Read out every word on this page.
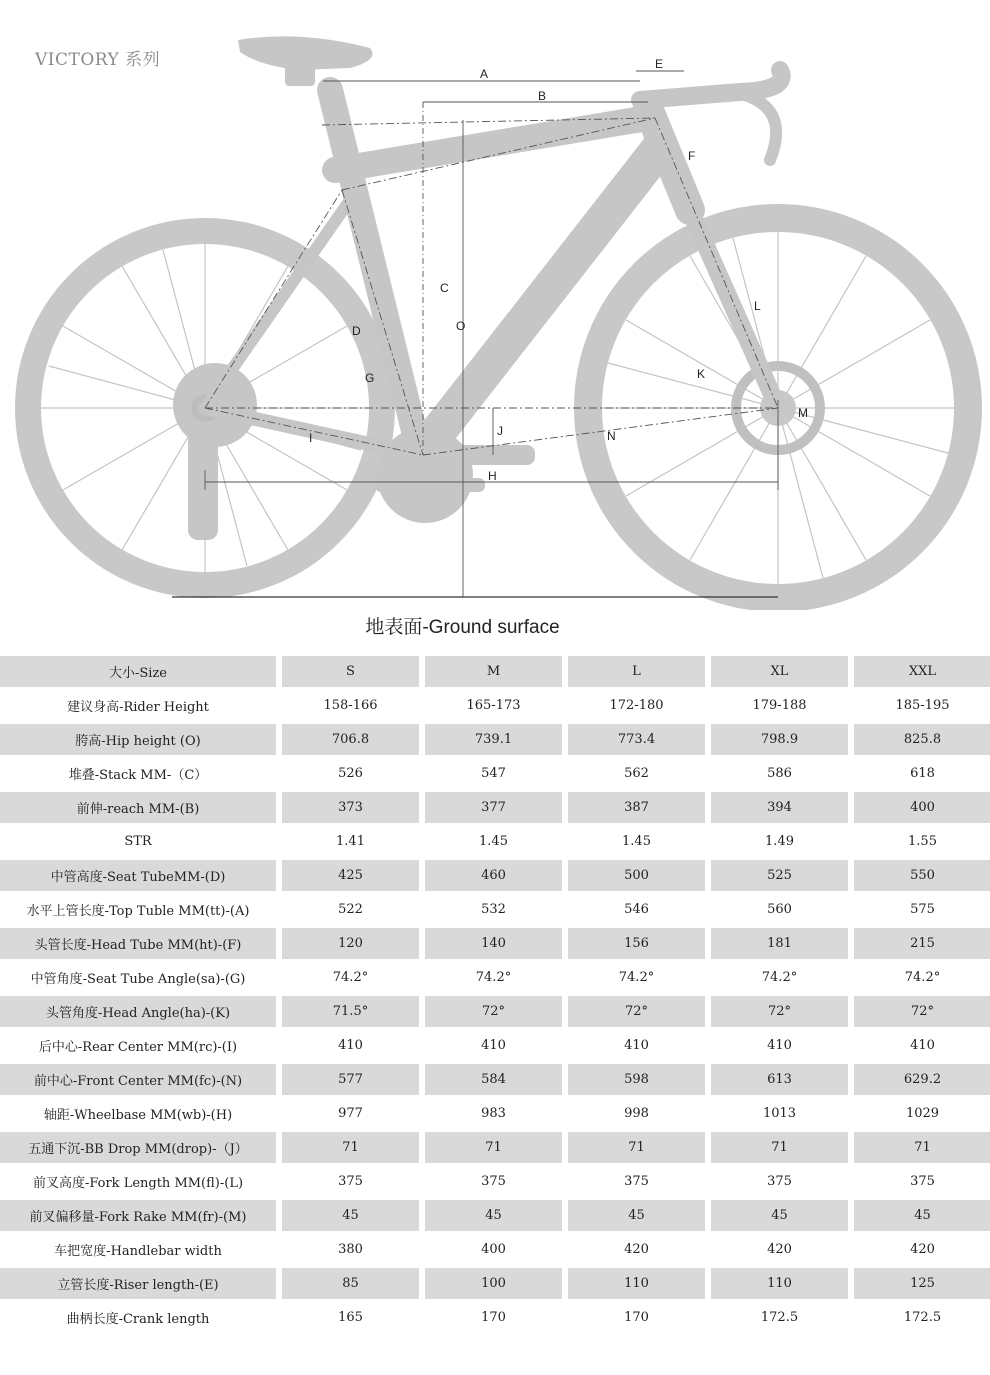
VICTORY 系列
A
B
E
C
O
D
G
F
L
K
M
I	J	N
H
地表面-Ground surface
大小-Size	S	M	L	XL	XXL
建议身高-Rider Height	158-166	165-173	172-180	179-188	185-195
胯高-Hip height (O)	706.8	739.1	773.4	798.9	825.8
堆叠-Stack MM-（C）	526	547	562	586	618
前伸-reach MM-(B)	373	377	387	394	400
STR	1.41	1.45	1.45	1.49	1.55
中管高度-Seat TubeMM-(D)	425	460	500	525	550
水平上管长度-Top Tuble MM(tt)-(A)	522	532	546	560	575
头管长度-Head Tube MM(ht)-(F)	120	140	156	181	215
中管角度-Seat Tube Angle(sa)-(G)	74.2°	74.2°	74.2°	74.2°	74.2°
头管角度-Head Angle(ha)-(K)	71.5°	72°	72°	72°	72°
后中心-Rear Center MM(rc)-(I)	410	410	410	410	410
前中心-Front Center MM(fc)-(N)	577	584	598	613	629.2
轴距-Wheelbase MM(wb)-(H)	977	983	998	1013	1029
五通下沉-BB Drop MM(drop)-（J）	71	71	71	71	71
前叉高度-Fork Length MM(fl)-(L)	375	375	375	375	375
前叉偏移量-Fork Rake MM(fr)-(M)	45	45	45	45	45
车把宽度-Handlebar width	380	400	420	420	420
立管长度-Riser length-(E)	85	100	110	110	125
曲柄长度-Crank length	165	170	170	172.5	172.5
